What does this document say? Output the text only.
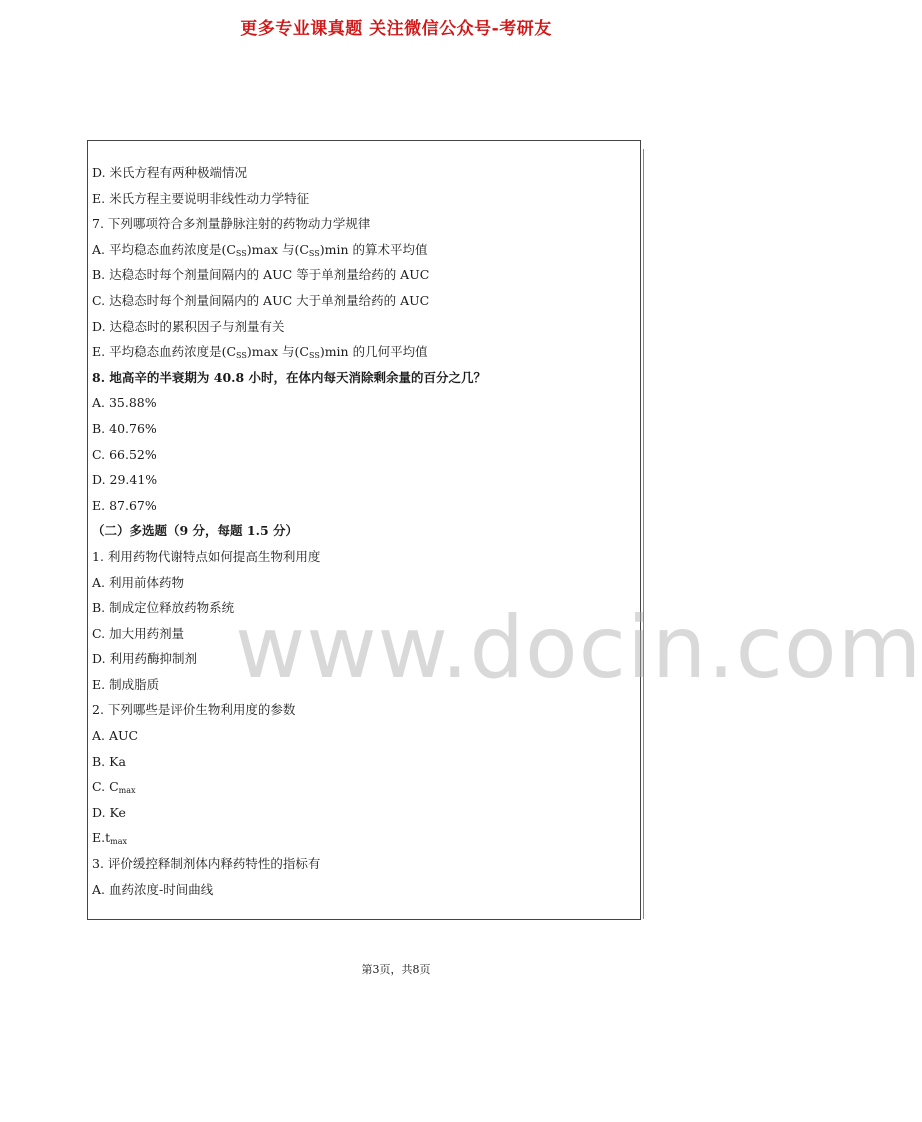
更多专业课真题 关注微信公众号-考研友
D. 米氏方程有两种极端情况
E. 米氏方程主要说明非线性动力学特征
7. 下列哪项符合多剂量静脉注射的药物动力学规律
A. 平均稳态血药浓度是$(C_{SS})\max$ 与$(C_{SS})\min$ 的算术平均值
B. 达稳态时每个剂量间隔内的 AUC 等于单剂量给药的 AUC
C. 达稳态时每个剂量间隔内的 AUC 大于单剂量给药的 AUC
D. 达稳态时的累积因子与剂量有关
E. 平均稳态血药浓度是$(C_{SS})\max$ 与$(C_{SS})\min$ 的几何平均值
8. 地高辛的半衰期为 40.8 小时，在体内每天消除剩余量的百分之几？
A. 35.88%
B. 40.76%
C. 66.52%
D. 29.41%
E. 87.67%
（二）多选题（9 分，每题 1.5 分）
1. 利用药物代谢特点如何提高生物利用度
A. 利用前体药物
B. 制成定位释放药物系统
C. 加大用药剂量
D. 利用药酶抑制剂
E. 制成脂质
2. 下列哪些是评价生物利用度的参数
A. AUC
B. Ka
C. $C_{max}$
D. Ke
$E.t_{max}$
3. 评价缓控释制剂体内释药特性的指标有
A. 血药浓度-时间曲线
www.docin.com
第3页，共8页
